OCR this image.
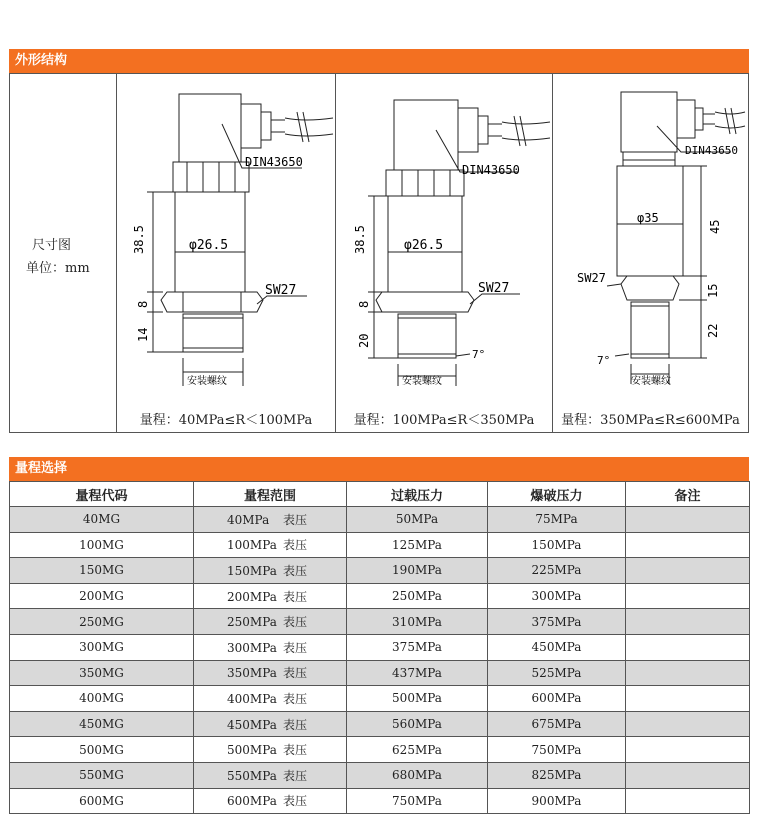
外形结构
尺寸图
单位：mm
DIN43650
φ26.5
SW27
38.5
8
14
安装螺纹
量程：40MPa≤R＜100MPa
DIN43650
φ26.5
SW27
38.5
8
20
7°
安装螺纹
量程：100MPa≤R＜350MPa
DIN43650
φ35
SW27
45
15
22
7°
安装螺纹
量程：350MPa≤R≤600MPa
量程选择
量程代码	量程范围	过载压力	爆破压力	备注
40MG	40MPa 表压	50MPa	75MPa	
100MG	100MPa 表压	125MPa	150MPa	
150MG	150MPa 表压	190MPa	225MPa	
200MG	200MPa 表压	250MPa	300MPa	
250MG	250MPa 表压	310MPa	375MPa	
300MG	300MPa 表压	375MPa	450MPa	
350MG	350MPa 表压	437MPa	525MPa	
400MG	400MPa 表压	500MPa	600MPa	
450MG	450MPa 表压	560MPa	675MPa	
500MG	500MPa 表压	625MPa	750MPa	
550MG	550MPa 表压	680MPa	825MPa	
600MG	600MPa 表压	750MPa	900MPa	
